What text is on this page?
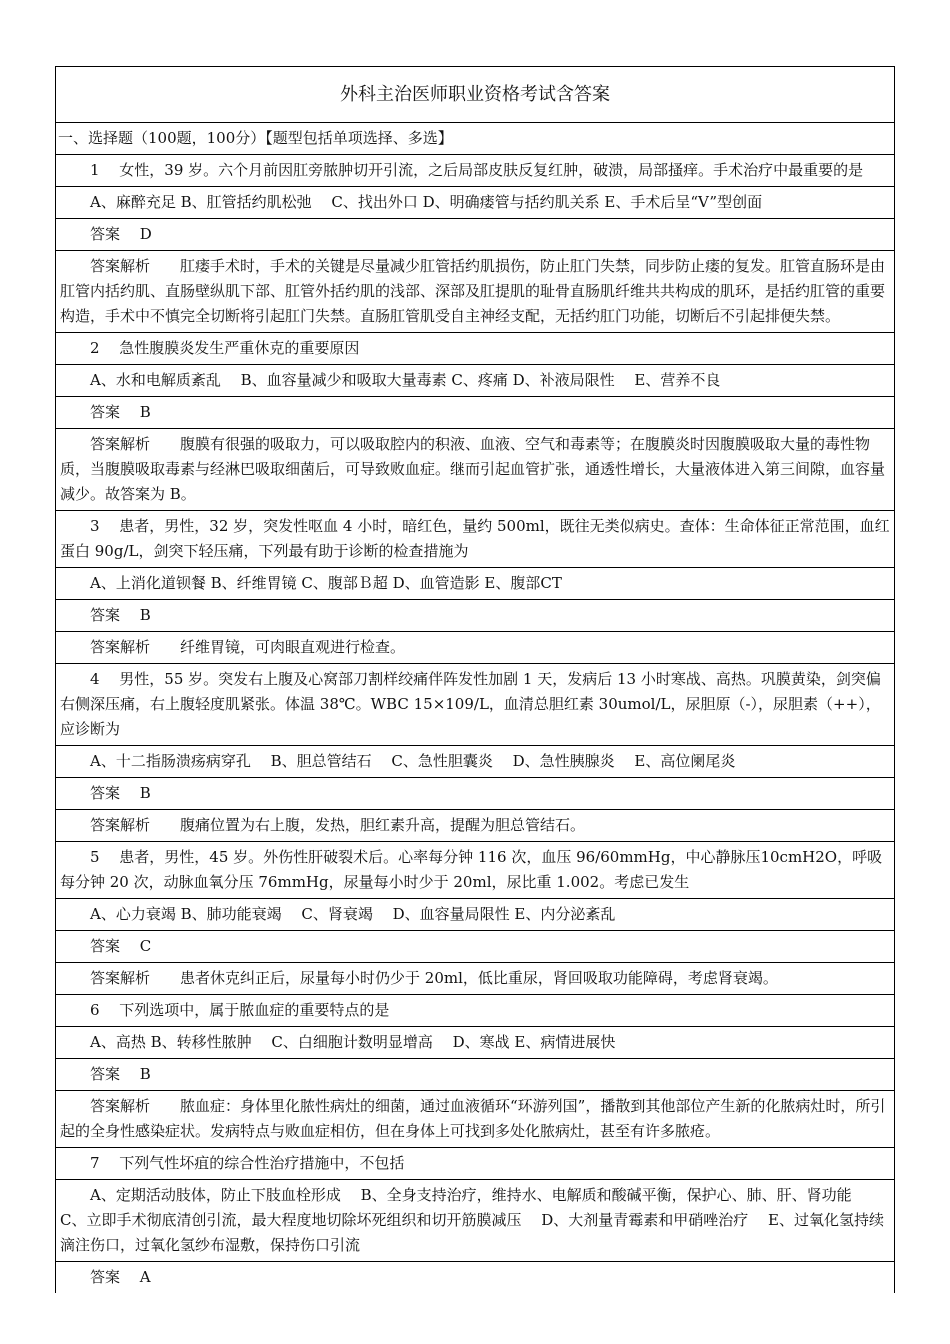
外科主治医师职业资格考试含答案
一、选择题（100题，100分）【题型包括单项选择、多选】
1　 女性，39 岁。六个月前因肛旁脓肿切开引流，之后局部皮肤反复红肿，破溃，局部搔痒。手术治疗中最重要的是
A、麻醉充足 B、肛管括约肌松弛　 C、找出外口 D、明确瘘管与括约肌关系 E、手术后呈“V”型创面
答案　 D
答案解析　　肛瘘手术时，手术的关键是尽量减少肛管括约肌损伤，防止肛门失禁，同步防止瘘的复发。肛管直肠环是由肛管内括约肌、直肠壁纵肌下部、肛管外括约肌的浅部、深部及肛提肌的耻骨直肠肌纤维共共构成的肌环，是括约肛管的重要构造，手术中不慎完全切断将引起肛门失禁。直肠肛管肌受自主神经支配，无括约肛门功能，切断后不引起排便失禁。
2　 急性腹膜炎发生严重休克的重要原因
A、水和电解质紊乱　 B、血容量减少和吸取大量毒素 C、疼痛 D、补液局限性　 E、营养不良
答案　 B
答案解析　　腹膜有很强的吸取力，可以吸取腔内的积液、血液、空气和毒素等；在腹膜炎时因腹膜吸取大量的毒性物质，当腹膜吸取毒素与经淋巴吸取细菌后，可导致败血症。继而引起血管扩张，通透性增长，大量液体进入第三间隙，血容量减少。故答案为 B。
3　 患者，男性，32 岁，突发性呕血 4 小时，暗红色，量约 500ml，既往无类似病史。查体：生命体征正常范围，血红蛋白 90g/L，剑突下轻压痛，下列最有助于诊断的检查措施为
A、上消化道钡餐 B、纤维胃镜 C、腹部Ｂ超 D、血管造影 E、腹部CT
答案　 B
答案解析　　纤维胃镜，可肉眼直观进行检查。
4　 男性，55 岁。突发右上腹及心窝部刀割样绞痛伴阵发性加剧 1 天，发病后 13 小时寒战、高热。巩膜黄染，剑突偏右侧深压痛，右上腹轻度肌紧张。体温 38℃。WBC 15×109/L，血清总胆红素 30umol/L，尿胆原（-），尿胆素（++），应诊断为
A、十二指肠溃疡病穿孔　 B、胆总管结石　 C、急性胆囊炎　 D、急性胰腺炎　 E、高位阑尾炎
答案　 B
答案解析　　腹痛位置为右上腹，发热，胆红素升高，提醒为胆总管结石。
5　 患者，男性，45 岁。外伤性肝破裂术后。心率每分钟 116 次，血压 96/60mmHg，中心静脉压10cmH2O，呼吸每分钟 20 次，动脉血氧分压 76mmHg，尿量每小时少于 20ml，尿比重 1.002。考虑已发生
A、心力衰竭 B、肺功能衰竭　 C、肾衰竭　 D、血容量局限性 E、内分泌紊乱
答案　 C
答案解析　　患者休克纠正后，尿量每小时仍少于 20ml，低比重尿，肾回吸取功能障碍，考虑肾衰竭。
6　 下列选项中，属于脓血症的重要特点的是
A、高热 B、转移性脓肿　 C、白细胞计数明显增高　 D、寒战 E、病情进展快
答案　 B
答案解析　　脓血症：身体里化脓性病灶的细菌，通过血液循环“环游列国”，播散到其他部位产生新的化脓病灶时，所引起的全身性感染症状。发病特点与败血症相仿，但在身体上可找到多处化脓病灶，甚至有许多脓疮。
7　 下列气性坏疽的综合性治疗措施中，不包括
A、定期活动肢体，防止下肢血栓形成　 B、全身支持治疗，维持水、电解质和酸碱平衡，保护心、肺、肝、肾功能　C、立即手术彻底清创引流，最大程度地切除坏死组织和切开筋膜减压　 D、大剂量青霉素和甲硝唑治疗　 E、过氧化氢持续滴注伤口，过氧化氢纱布湿敷，保持伤口引流
答案　 A
